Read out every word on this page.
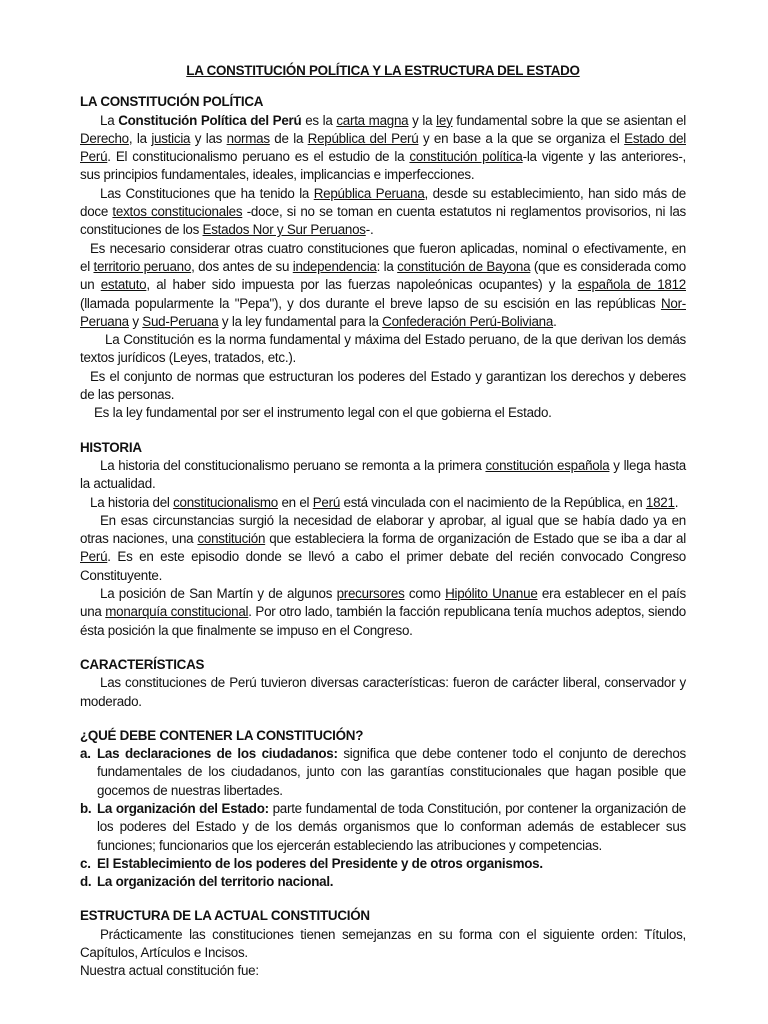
LA CONSTITUCIÓN POLÍTICA Y LA ESTRUCTURA DEL ESTADO

LA CONSTITUCIÓN POLÍTICA

La Constitución Política del Perú es la carta magna y la ley fundamental sobre la que se asientan el Derecho, la justicia y las normas de la República del Perú y en base a la que se organiza el Estado del Perú. El constitucionalismo peruano es el estudio de la constitución política-la vigente y las anteriores-, sus principios fundamentales, ideales, implicancias e imperfecciones.

Las Constituciones que ha tenido la República Peruana, desde su establecimiento, han sido más de doce textos constitucionales -doce, si no se toman en cuenta estatutos ni reglamentos provisorios, ni las constituciones de los Estados Nor y Sur Peruanos-.

Es necesario considerar otras cuatro constituciones que fueron aplicadas, nominal o efectivamente, en el territorio peruano, dos antes de su independencia: la constitución de Bayona (que es considerada como un estatuto, al haber sido impuesta por las fuerzas napoleónicas ocupantes) y la española de 1812 (llamada popularmente la "Pepa"), y dos durante el breve lapso de su escisión en las repúblicas Nor-Peruana y Sud-Peruana y la ley fundamental para la Confederación Perú-Boliviana.

La Constitución es la norma fundamental y máxima del Estado peruano, de la que derivan los demás textos jurídicos (Leyes, tratados, etc.).

Es el conjunto de normas que estructuran los poderes del Estado y garantizan los derechos y deberes de las personas.

Es la ley fundamental por ser el instrumento legal con el que gobierna el Estado.

HISTORIA

La historia del constitucionalismo peruano se remonta a la primera constitución española y llega hasta la actualidad.

La historia del constitucionalismo en el Perú está vinculada con el nacimiento de la República, en 1821.

En esas circunstancias surgió la necesidad de elaborar y aprobar, al igual que se había dado ya en otras naciones, una constitución que estableciera la forma de organización de Estado que se iba a dar al Perú. Es en este episodio donde se llevó a cabo el primer debate del recién convocado Congreso Constituyente.

La posición de San Martín y de algunos precursores como Hipólito Unanue era establecer en el país una monarquía constitucional. Por otro lado, también la facción republicana tenía muchos adeptos, siendo ésta posición la que finalmente se impuso en el Congreso.

CARACTERÍSTICAS

Las constituciones de Perú tuvieron diversas características: fueron de carácter liberal, conservador y moderado.

¿QUÉ DEBE CONTENER LA CONSTITUCIÓN?

a. Las declaraciones de los ciudadanos: significa que debe contener todo el conjunto de derechos fundamentales de los ciudadanos, junto con las garantías constitucionales que hagan posible que gocemos de nuestras libertades.

b. La organización del Estado: parte fundamental de toda Constitución, por contener la organización de los poderes del Estado y de los demás organismos que lo conforman además de establecer sus funciones; funcionarios que los ejercerán estableciendo las atribuciones y competencias.

c. El Establecimiento de los poderes del Presidente y de otros organismos.

d. La organización del territorio nacional.

ESTRUCTURA DE LA ACTUAL CONSTITUCIÓN

Prácticamente las constituciones tienen semejanzas en su forma con el siguiente orden: Títulos, Capítulos, Artículos e Incisos.

Nuestra actual constitución fue:
